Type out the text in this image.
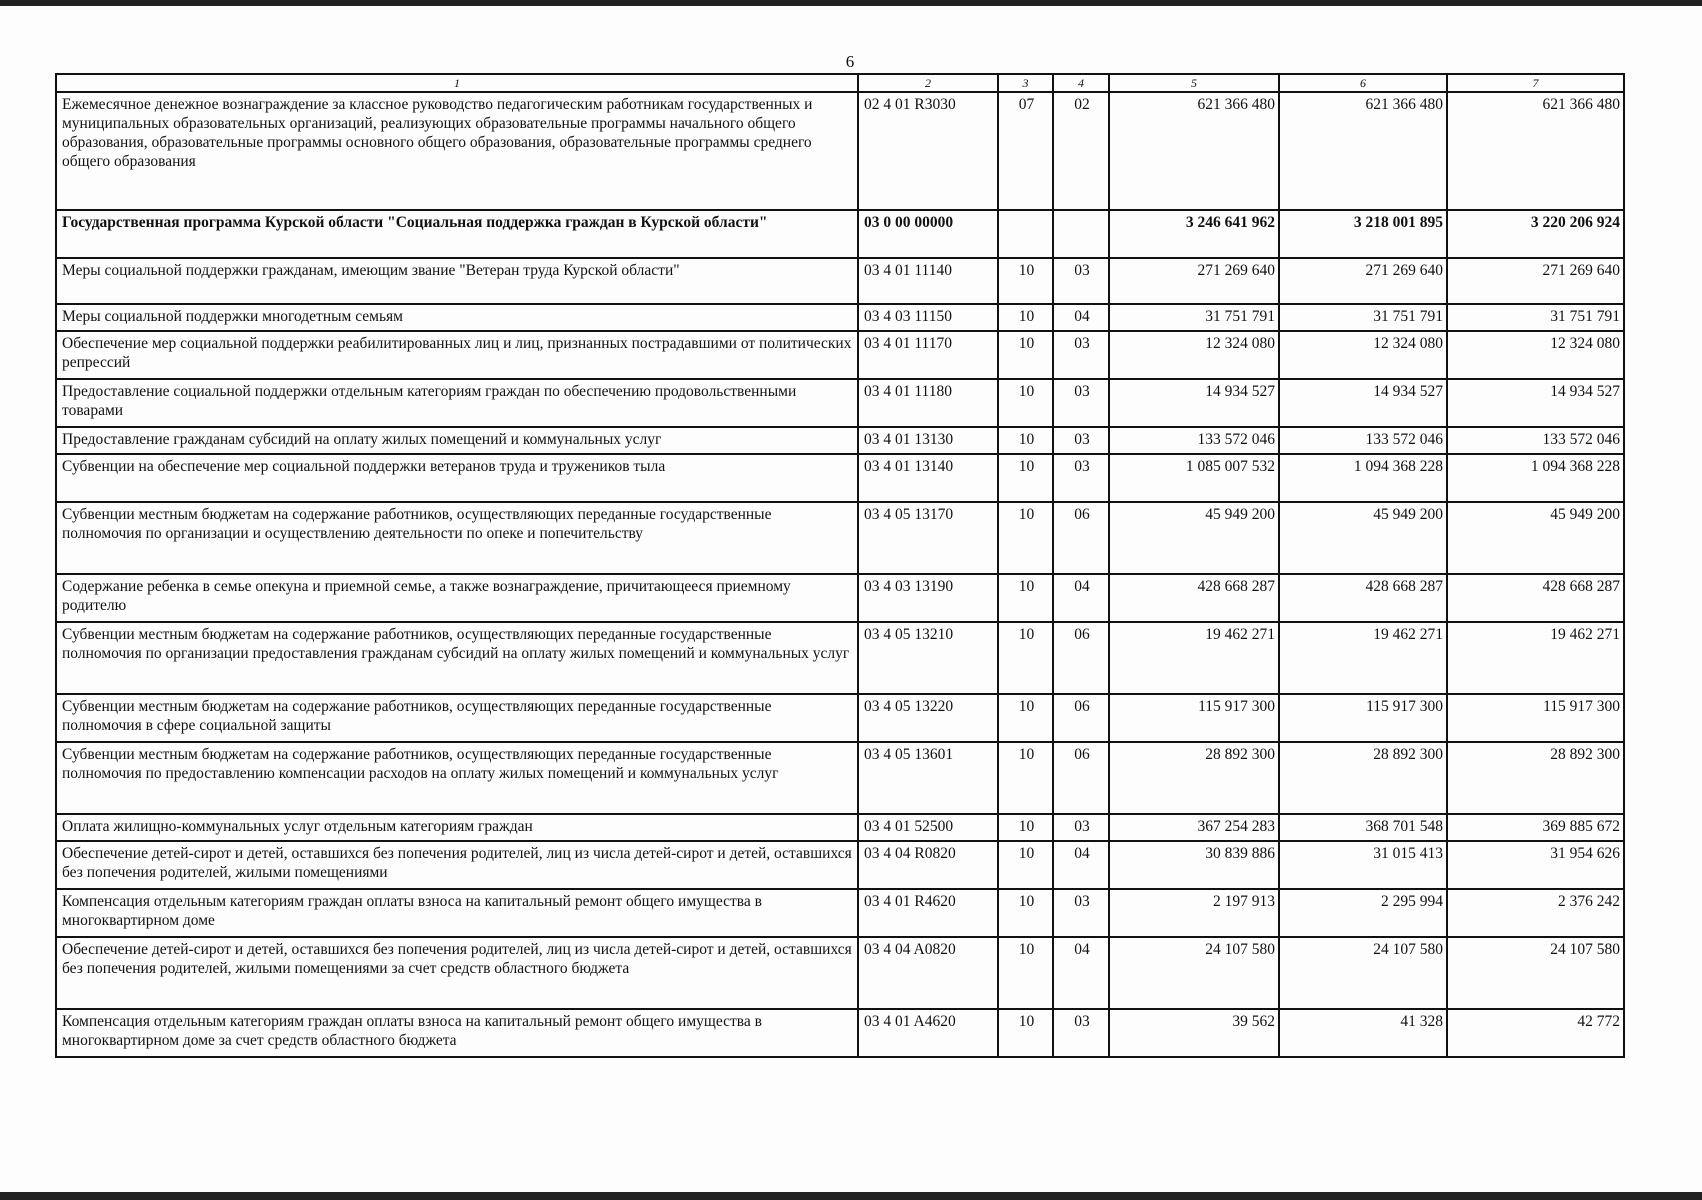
6
1	2	3	4	5	6	7
Ежемесячное денежное вознаграждение за классное руководство педагогическим работникам государственных и муниципальных образовательных организаций, реализующих образовательные программы начального общего образования, образовательные программы основного общего образования, образовательные программы среднего общего образования	02 4 01 R3030	07	02	621 366 480	621 366 480	621 366 480
Государственная программа Курской области "Социальная поддержка граждан в Курской области"	03 0 00 00000			3 246 641 962	3 218 001 895	3 220 206 924
Меры социальной поддержки гражданам, имеющим звание "Ветеран труда Курской области"	03 4 01 11140	10	03	271 269 640	271 269 640	271 269 640
Меры социальной поддержки многодетным семьям	03 4 03 11150	10	04	31 751 791	31 751 791	31 751 791
Обеспечение мер социальной поддержки реабилитированных лиц и лиц, признанных пострадавшими от политических репрессий	03 4 01 11170	10	03	12 324 080	12 324 080	12 324 080
Предоставление социальной поддержки отдельным категориям граждан по обеспечению продовольственными товарами	03 4 01 11180	10	03	14 934 527	14 934 527	14 934 527
Предоставление гражданам субсидий на оплату жилых помещений и коммунальных услуг	03 4 01 13130	10	03	133 572 046	133 572 046	133 572 046
Субвенции на обеспечение мер социальной поддержки ветеранов труда и тружеников тыла	03 4 01 13140	10	03	1 085 007 532	1 094 368 228	1 094 368 228
Субвенции местным бюджетам на содержание работников, осуществляющих переданные государственные полномочия по организации и осуществлению деятельности по опеке и попечительству	03 4 05 13170	10	06	45 949 200	45 949 200	45 949 200
Содержание ребенка в семье опекуна и приемной семье, а также вознаграждение, причитающееся приемному родителю	03 4 03 13190	10	04	428 668 287	428 668 287	428 668 287
Субвенции местным бюджетам на содержание работников, осуществляющих переданные государственные полномочия по организации предоставления гражданам субсидий на оплату жилых помещений и коммунальных услуг	03 4 05 13210	10	06	19 462 271	19 462 271	19 462 271
Субвенции местным бюджетам на содержание работников, осуществляющих переданные государственные полномочия в сфере социальной защиты	03 4 05 13220	10	06	115 917 300	115 917 300	115 917 300
Субвенции местным бюджетам на содержание работников, осуществляющих переданные государственные полномочия по предоставлению компенсации расходов на оплату жилых помещений и коммунальных услуг	03 4 05 13601	10	06	28 892 300	28 892 300	28 892 300
Оплата жилищно-коммунальных услуг отдельным категориям граждан	03 4 01 52500	10	03	367 254 283	368 701 548	369 885 672
Обеспечение детей-сирот и детей, оставшихся без попечения родителей, лиц из числа детей-сирот и детей, оставшихся без попечения родителей, жилыми помещениями	03 4 04 R0820	10	04	30 839 886	31 015 413	31 954 626
Компенсация отдельным категориям граждан оплаты взноса на капитальный ремонт общего имущества в многоквартирном доме	03 4 01 R4620	10	03	2 197 913	2 295 994	2 376 242
Обеспечение детей-сирот и детей, оставшихся без попечения родителей, лиц из числа детей-сирот и детей, оставшихся без попечения родителей, жилыми помещениями за счет средств областного бюджета	03 4 04 A0820	10	04	24 107 580	24 107 580	24 107 580
Компенсация отдельным категориям граждан оплаты взноса на капитальный ремонт общего имущества в многоквартирном доме за счет средств областного бюджета	03 4 01 A4620	10	03	39 562	41 328	42 772
